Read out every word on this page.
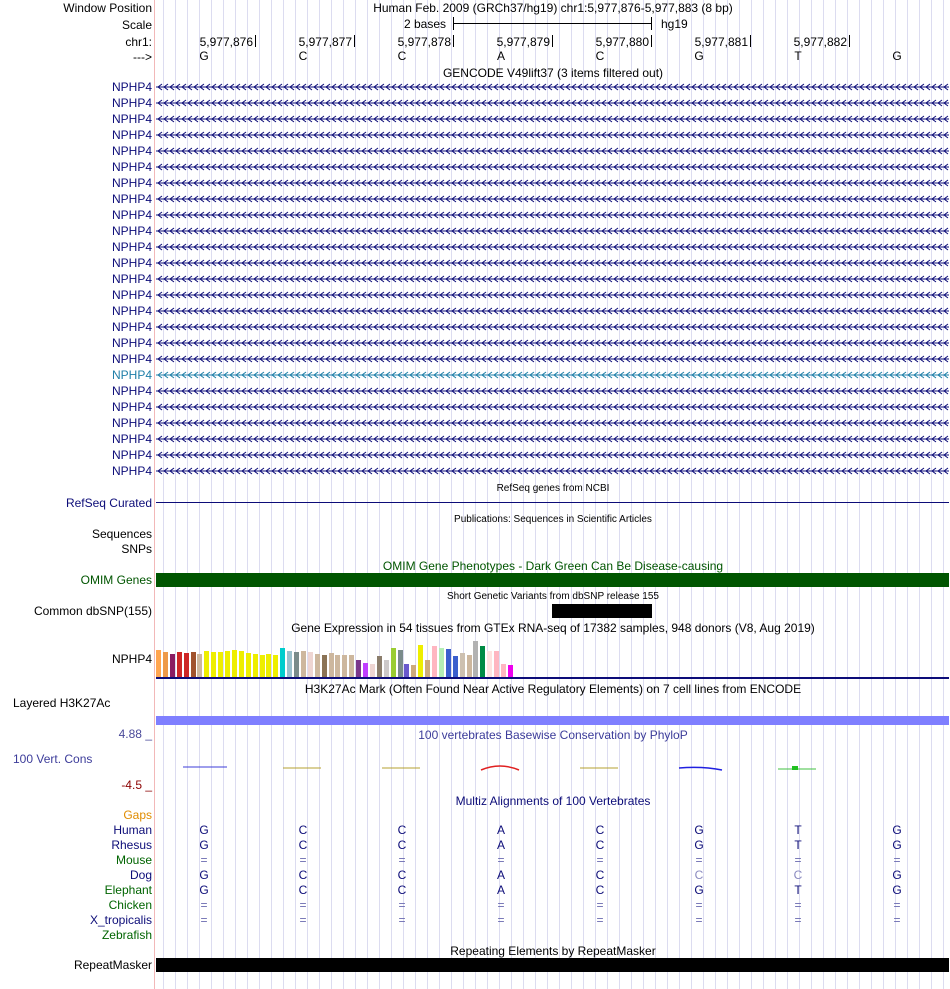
Window Position	Human Feb. 2009 (GRCh37/hg19) chr1:5,977,876-5,977,883 (8 bp)
Scale	2 bases	hg19
chr1:	5,977,876	5,977,877	5,977,878	5,977,879	5,977,880	5,977,881	5,977,882
--->	G	C	C	A	C	G	T	G
GENCODE V49lift37 (3 items filtered out)
NPHP4
NPHP4
NPHP4
NPHP4
NPHP4
NPHP4
NPHP4
NPHP4
NPHP4
NPHP4
NPHP4
NPHP4
NPHP4
NPHP4
NPHP4
NPHP4
NPHP4
NPHP4
NPHP4
NPHP4
NPHP4
NPHP4
NPHP4
NPHP4
NPHP4
RefSeq genes from NCBI
RefSeq Curated
Publications: Sequences in Scientific Articles
Sequences
SNPs
OMIM Gene Phenotypes - Dark Green Can Be Disease-causing
OMIM Genes
Short Genetic Variants from dbSNP release 155
Common dbSNP(155)
Gene Expression in 54 tissues from GTEx RNA-seq of 17382 samples, 948 donors (V8, Aug 2019)
NPHP4
H3K27Ac Mark (Often Found Near Active Regulatory Elements) on 7 cell lines from ENCODE
Layered H3K27Ac
4.88 _	100 vertebrates Basewise Conservation by PhyloP
100 Vert. Cons
-4.5 _
Multiz Alignments of 100 Vertebrates
Gaps
Human	G	C	C	A	C	G	T	G
Rhesus	G	C	C	A	C	G	T	G
Mouse	=	=	=	=	=	=	=	=
Dog	G	C	C	A	C	C	C	G
Elephant	G	C	C	A	C	G	T	G
Chicken	=	=	=	=	=	=	=	=
X_tropicalis	=	=	=	=	=	=	=	=
Zebrafish
Repeating Elements by RepeatMasker
RepeatMasker
